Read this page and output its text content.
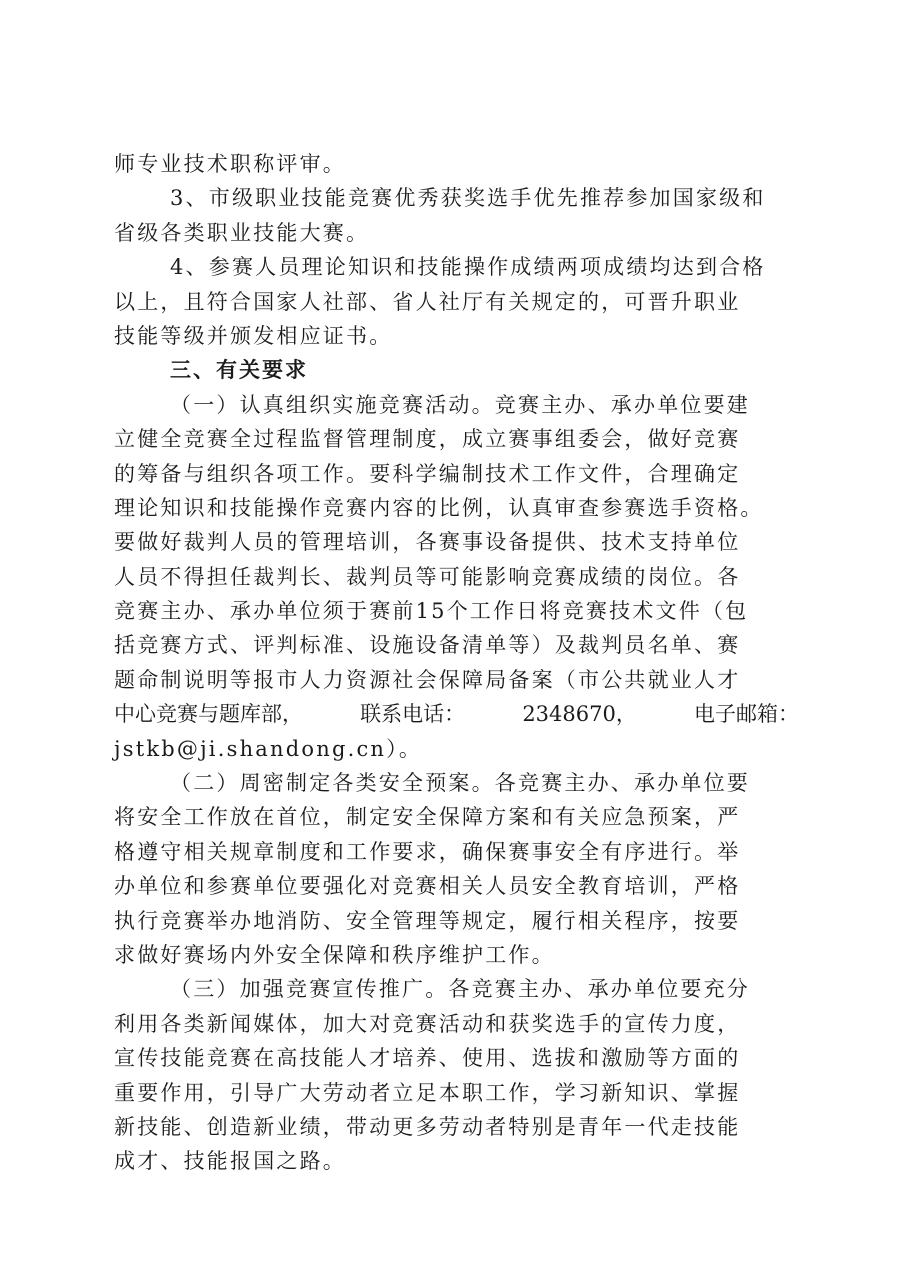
师专业技术职称评审。
3、市级职业技能竞赛优秀获奖选手优先推荐参加国家级和
省级各类职业技能大赛。
4、参赛人员理论知识和技能操作成绩两项成绩均达到合格
以上，且符合国家人社部、省人社厅有关规定的，可晋升职业
技能等级并颁发相应证书。
三、有关要求
（一）认真组织实施竞赛活动。竞赛主办、承办单位要建
立健全竞赛全过程监督管理制度，成立赛事组委会，做好竞赛
的筹备与组织各项工作。要科学编制技术工作文件，合理确定
理论知识和技能操作竞赛内容的比例，认真审查参赛选手资格。
要做好裁判人员的管理培训，各赛事设备提供、技术支持单位
人员不得担任裁判长、裁判员等可能影响竞赛成绩的岗位。各
竞赛主办、承办单位须于赛前15个工作日将竞赛技术文件（包
括竞赛方式、评判标准、设施设备清单等）及裁判员名单、赛
题命制说明等报市人力资源社会保障局备案（市公共就业人才
中心竞赛与题库部，	联系电话：	2348670，	电子邮箱：
jstkb@ji.shandong.cn）。
（二）周密制定各类安全预案。各竞赛主办、承办单位要
将安全工作放在首位，制定安全保障方案和有关应急预案，严
格遵守相关规章制度和工作要求，确保赛事安全有序进行。举
办单位和参赛单位要强化对竞赛相关人员安全教育培训，严格
执行竞赛举办地消防、安全管理等规定，履行相关程序，按要
求做好赛场内外安全保障和秩序维护工作。
（三）加强竞赛宣传推广。各竞赛主办、承办单位要充分
利用各类新闻媒体，加大对竞赛活动和获奖选手的宣传力度，
宣传技能竞赛在高技能人才培养、使用、选拔和激励等方面的
重要作用，引导广大劳动者立足本职工作，学习新知识、掌握
新技能、创造新业绩，带动更多劳动者特别是青年一代走技能
成才、技能报国之路。
